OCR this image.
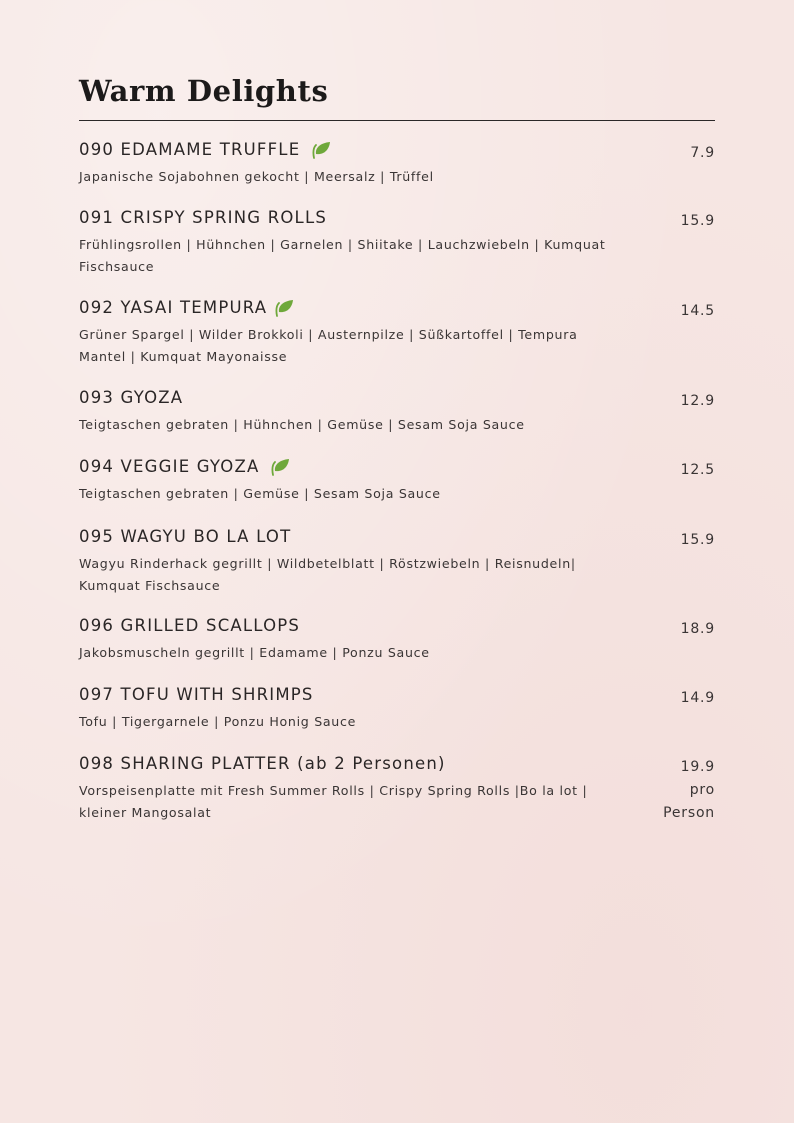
Warm Delights
090 EDAMAME TRUFFLE
Japanische Sojabohnen gekocht | Meersalz | Trüffel
7.9
091 CRISPY SPRING ROLLS
Frühlingsrollen | Hühnchen | Garnelen | Shiitake | Lauchzwiebeln | Kumquat Fischsauce
15.9
092 YASAI TEMPURA
Grüner Spargel | Wilder Brokkoli | Austernpilze | Süßkartoffel | Tempura Mantel | Kumquat Mayonaisse
14.5
093 GYOZA
Teigtaschen gebraten | Hühnchen | Gemüse | Sesam Soja Sauce
12.9
094 VEGGIE GYOZA
Teigtaschen gebraten | Gemüse | Sesam Soja Sauce
12.5
095 WAGYU BO LA LOT
Wagyu Rinderhack gegrillt | Wildbetelblatt | Röstzwiebeln | Reisnudeln| Kumquat Fischsauce
15.9
096 GRILLED SCALLOPS
Jakobsmuscheln gegrillt | Edamame | Ponzu Sauce
18.9
097 TOFU WITH SHRIMPS
Tofu | Tigergarnele | Ponzu Honig Sauce
14.9
098 SHARING PLATTER (ab 2 Personen)
Vorspeisenplatte mit Fresh Summer Rolls | Crispy Spring Rolls |Bo la lot | kleiner Mangosalat
19.9
pro
Person
